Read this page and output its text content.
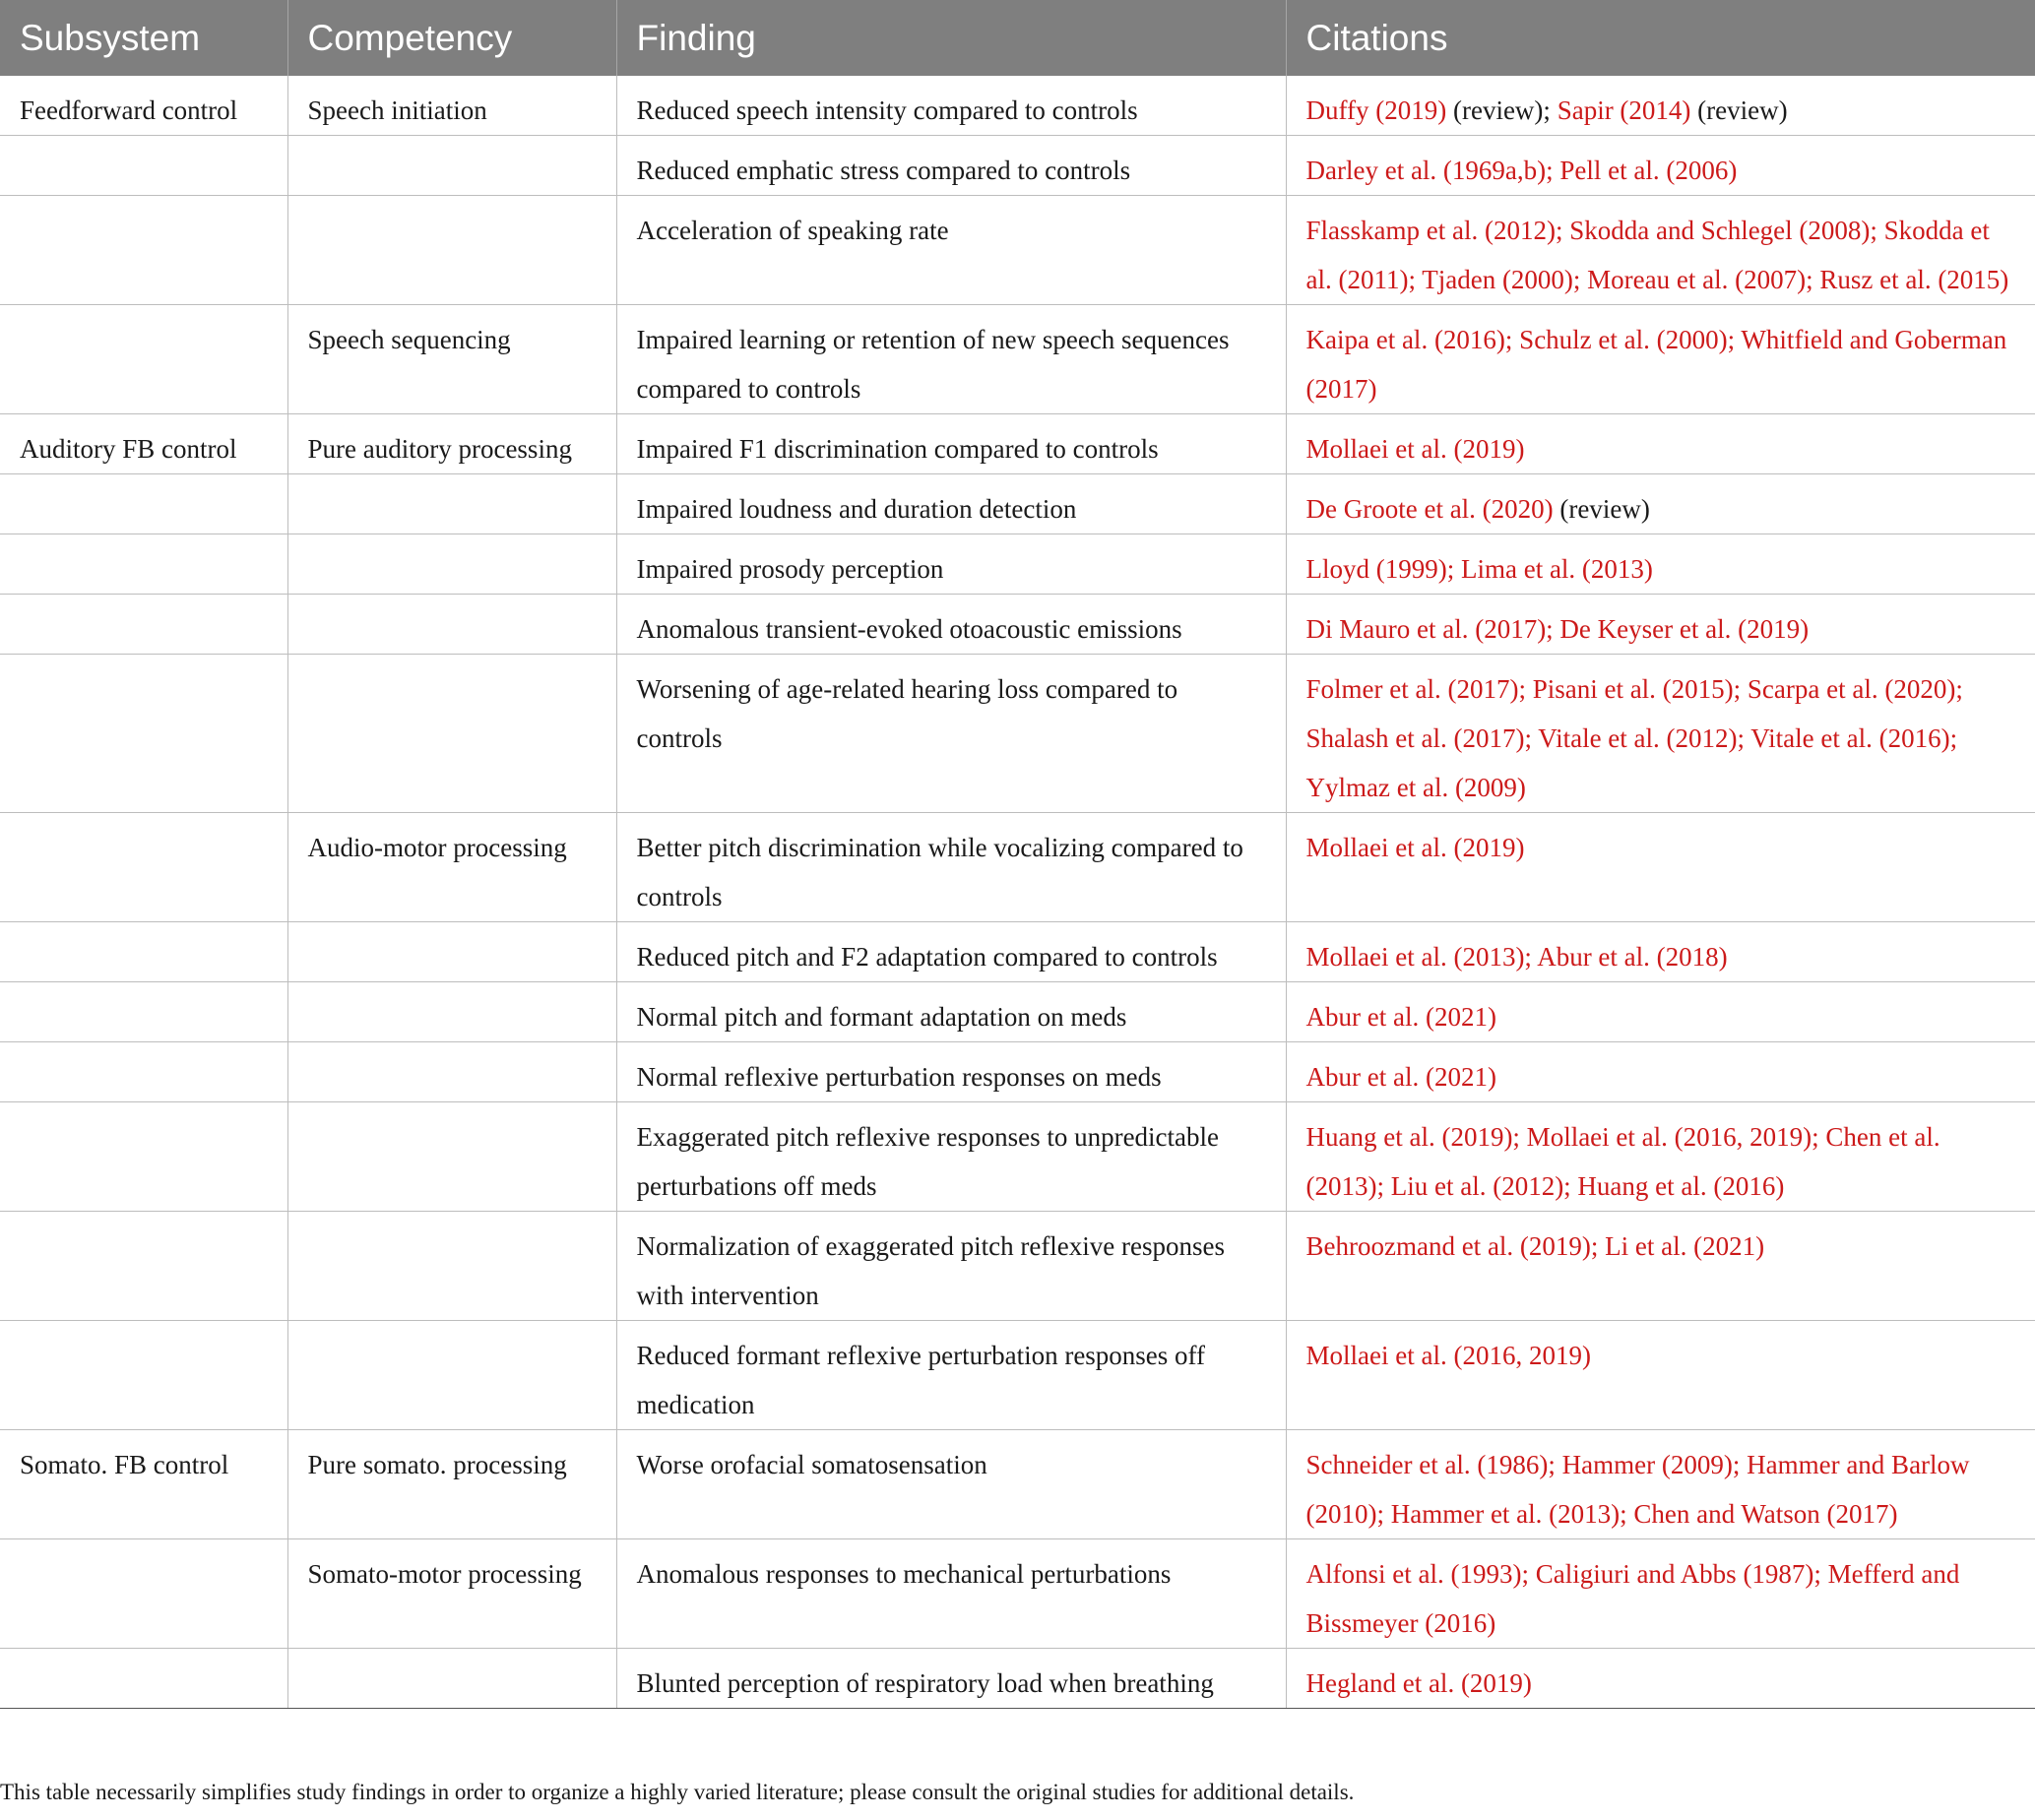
Subsystem	Competency	Finding	Citations
Feedforward control	Speech initiation	Reduced speech intensity compared to controls	Duffy (2019) (review); Sapir (2014) (review)
		Reduced emphatic stress compared to controls	Darley et al. (1969a,b); Pell et al. (2006)
		Acceleration of speaking rate	Flasskamp et al. (2012); Skodda and Schlegel (2008); Skodda et al. (2011); Tjaden (2000); Moreau et al. (2007); Rusz et al. (2015)
	Speech sequencing	Impaired learning or retention of new speech sequences compared to controls	Kaipa et al. (2016); Schulz et al. (2000); Whitfield and Goberman (2017)
Auditory FB control	Pure auditory processing	Impaired F1 discrimination compared to controls	Mollaei et al. (2019)
		Impaired loudness and duration detection	De Groote et al. (2020) (review)
		Impaired prosody perception	Lloyd (1999); Lima et al. (2013)
		Anomalous transient-evoked otoacoustic emissions	Di Mauro et al. (2017); De Keyser et al. (2019)
		Worsening of age-related hearing loss compared to controls	Folmer et al. (2017); Pisani et al. (2015); Scarpa et al. (2020); Shalash et al. (2017); Vitale et al. (2012); Vitale et al. (2016); Yylmaz et al. (2009)
	Audio-motor processing	Better pitch discrimination while vocalizing compared to controls	Mollaei et al. (2019)
		Reduced pitch and F2 adaptation compared to controls	Mollaei et al. (2013); Abur et al. (2018)
		Normal pitch and formant adaptation on meds	Abur et al. (2021)
		Normal reflexive perturbation responses on meds	Abur et al. (2021)
		Exaggerated pitch reflexive responses to unpredictable perturbations off meds	Huang et al. (2019); Mollaei et al. (2016, 2019); Chen et al. (2013); Liu et al. (2012); Huang et al. (2016)
		Normalization of exaggerated pitch reflexive responses with intervention	Behroozmand et al. (2019); Li et al. (2021)
		Reduced formant reflexive perturbation responses off medication	Mollaei et al. (2016, 2019)
Somato. FB control	Pure somato. processing	Worse orofacial somatosensation	Schneider et al. (1986); Hammer (2009); Hammer and Barlow (2010); Hammer et al. (2013); Chen and Watson (2017)
	Somato-motor processing	Anomalous responses to mechanical perturbations	Alfonsi et al. (1993); Caligiuri and Abbs (1987); Mefferd and Bissmeyer (2016)
		Blunted perception of respiratory load when breathing	Hegland et al. (2019)
This table necessarily simplifies study findings in order to organize a highly varied literature; please consult the original studies for additional details.
